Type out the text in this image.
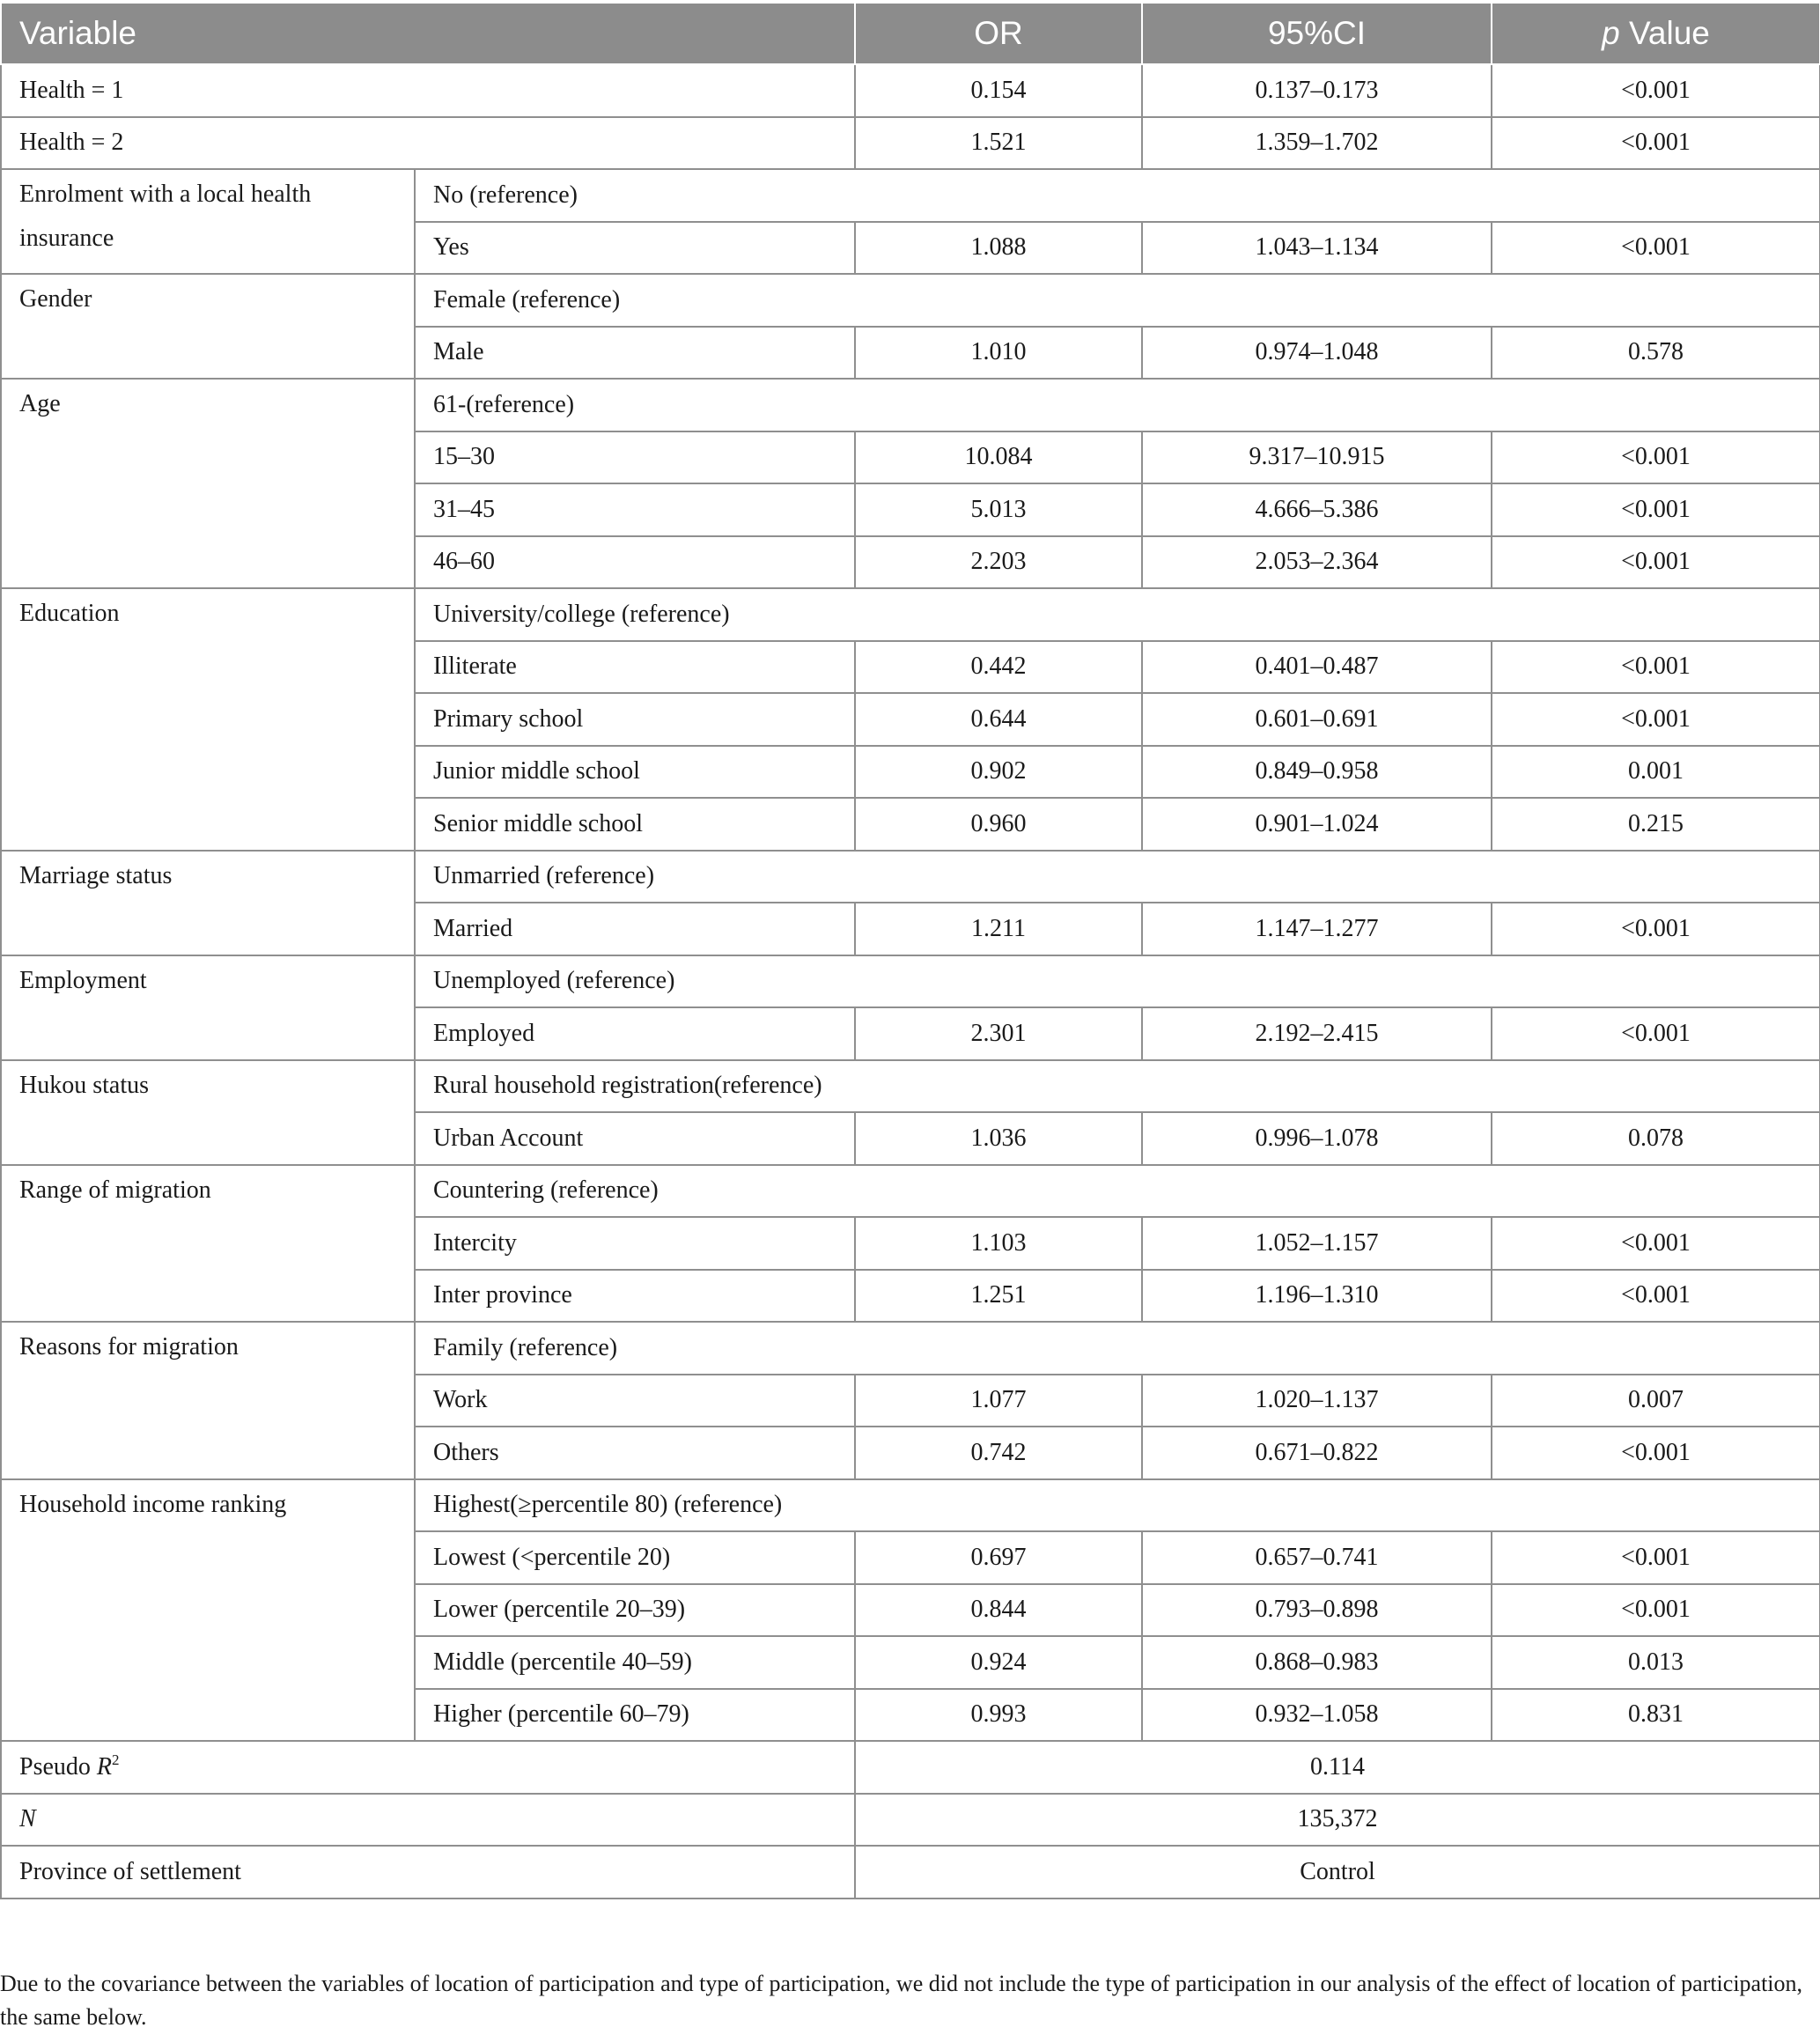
Variable		OR	95%CI	p Value
Health = 1		0.154	0.137–0.173	<0.001
Health = 2		1.521	1.359–1.702	<0.001
Enrolment with a local health insurance	No (reference)			
	Yes	1.088	1.043–1.134	<0.001
Gender	Female (reference)			
	Male	1.010	0.974–1.048	0.578
Age	61-(reference)			
	15–30	10.084	9.317–10.915	<0.001
	31–45	5.013	4.666–5.386	<0.001
	46–60	2.203	2.053–2.364	<0.001
Education	University/college (reference)			
	Illiterate	0.442	0.401–0.487	<0.001
	Primary school	0.644	0.601–0.691	<0.001
	Junior middle school	0.902	0.849–0.958	0.001
	Senior middle school	0.960	0.901–1.024	0.215
Marriage status	Unmarried (reference)			
	Married	1.211	1.147–1.277	<0.001
Employment	Unemployed (reference)			
	Employed	2.301	2.192–2.415	<0.001
Hukou status	Rural household registration(reference)			
	Urban Account	1.036	0.996–1.078	0.078
Range of migration	Countering (reference)			
	Intercity	1.103	1.052–1.157	<0.001
	Inter province	1.251	1.196–1.310	<0.001
Reasons for migration	Family (reference)			
	Work	1.077	1.020–1.137	0.007
	Others	0.742	0.671–0.822	<0.001
Household income ranking	Highest(≥percentile 80) (reference)			
	Lowest (<percentile 20)	0.697	0.657–0.741	<0.001
	Lower (percentile 20–39)	0.844	0.793–0.898	<0.001
	Middle (percentile 40–59)	0.924	0.868–0.983	0.013
	Higher (percentile 60–79)	0.993	0.932–1.058	0.831
Pseudo $R^2$		0.114		
N		135,372		
Province of settlement		Control		
Due to the covariance between the variables of location of participation and type of participation, we did not include the type of participation in our analysis of the effect of location of participation, the same below.
